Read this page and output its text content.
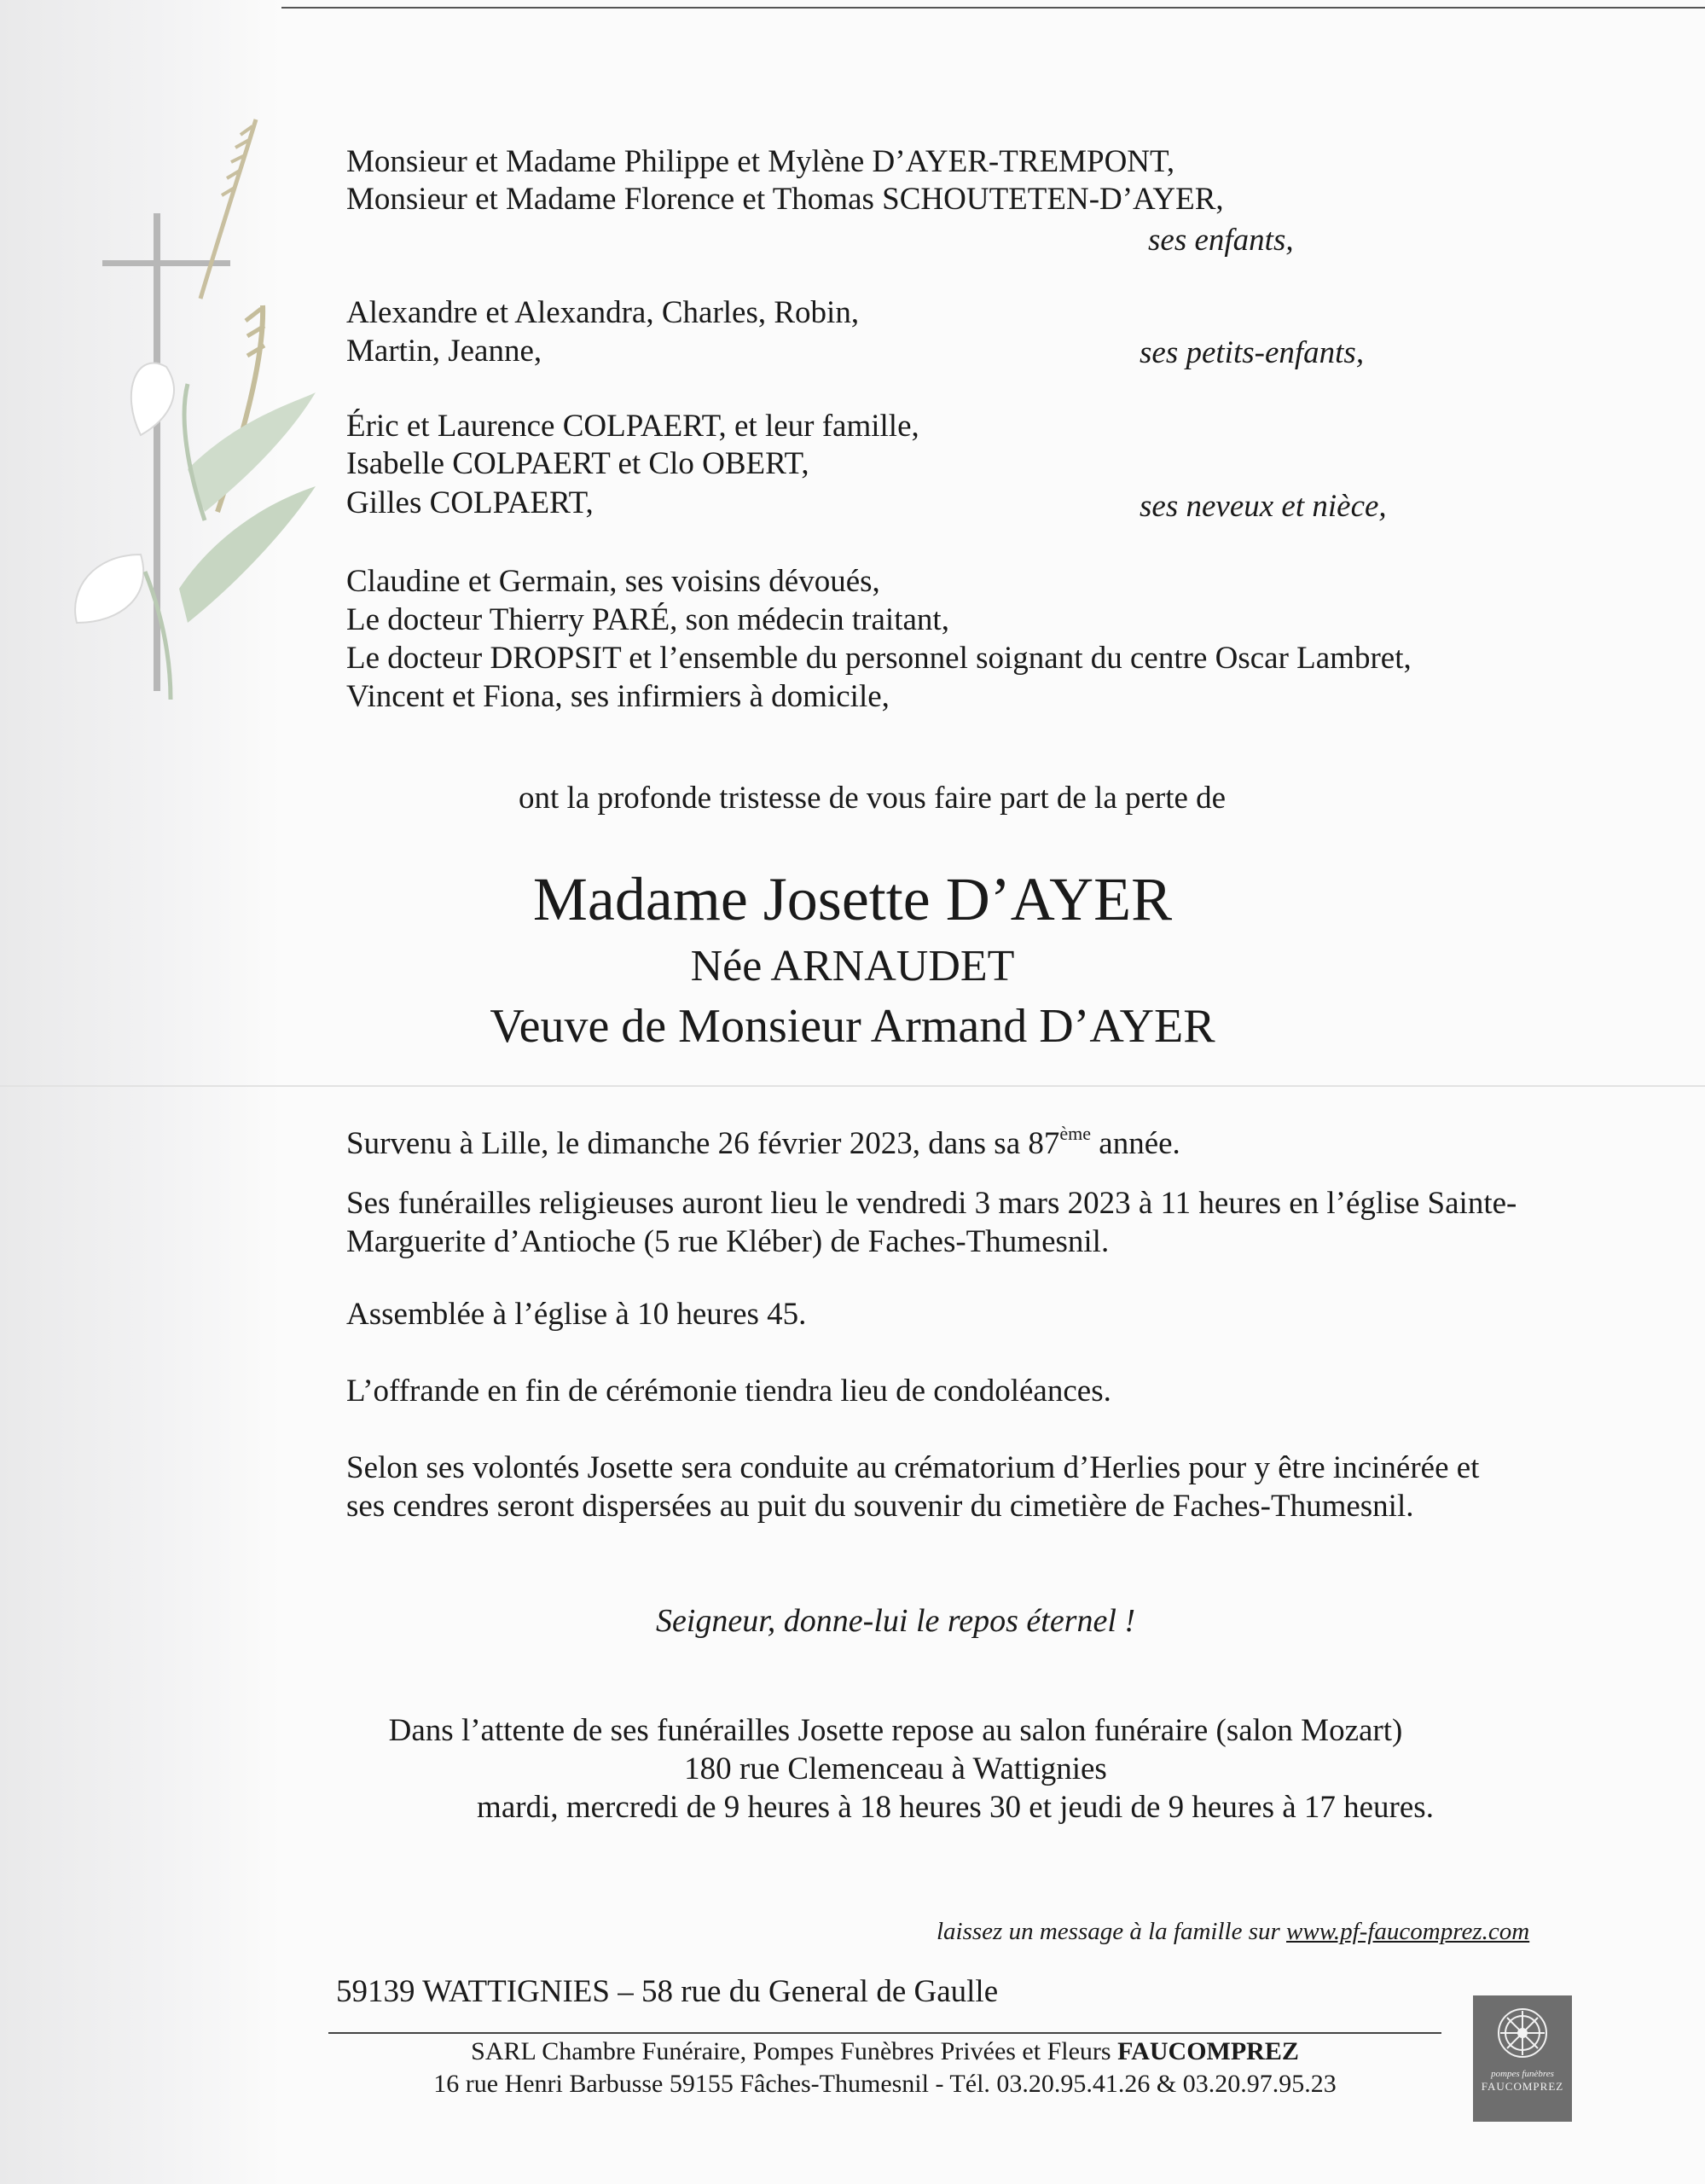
Monsieur et Madame Philippe et Mylène D’AYER-TREMPONT,
Monsieur et Madame Florence et Thomas SCHOUTETEN-D’AYER,
ses enfants,
Alexandre et Alexandra, Charles, Robin,
Martin, Jeanne,	ses petits-enfants,
Éric et Laurence COLPAERT, et leur famille,
Isabelle COLPAERT et Clo OBERT,
Gilles COLPAERT,	ses neveux et nièce,
Claudine et Germain, ses voisins dévoués,
Le docteur Thierry PARÉ, son médecin traitant,
Le docteur DROPSIT et l’ensemble du personnel soignant du centre Oscar Lambret,
Vincent et Fiona, ses infirmiers à domicile,
ont la profonde tristesse de vous faire part de la perte de
Madame Josette D’AYER
Née ARNAUDET
Veuve de Monsieur Armand D’AYER
Survenu à Lille, le dimanche 26 février 2023, dans sa 87ème année.
Ses funérailles religieuses auront lieu le vendredi 3 mars 2023 à 11 heures en l’église Sainte-
Marguerite d’Antioche (5 rue Kléber) de Faches-Thumesnil.
Assemblée à l’église à 10 heures 45.
L’offrande en fin de cérémonie tiendra lieu de condoléances.
Selon ses volontés Josette sera conduite au crématorium d’Herlies pour y être incinérée et
ses cendres seront dispersées au puit du souvenir du cimetière de Faches-Thumesnil.
Seigneur, donne-lui le repos éternel !
Dans l’attente de ses funérailles Josette repose au salon funéraire (salon Mozart)
180 rue Clemenceau à Wattignies
mardi, mercredi de 9 heures à 18 heures 30 et jeudi de 9 heures à 17 heures.
laissez un message à la famille sur www.pf-faucomprez.com
59139 WATTIGNIES – 58 rue du General de Gaulle
SARL Chambre Funéraire, Pompes Funèbres Privées et Fleurs FAUCOMPREZ
16 rue Henri Barbusse 59155 Fâches-Thumesnil - Tél. 03.20.95.41.26 & 03.20.97.95.23	pompes funèbres
FAUCOMPREZ
